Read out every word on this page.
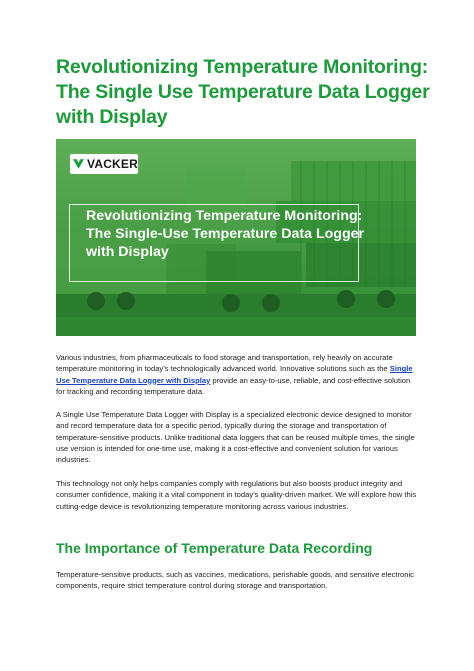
Revolutionizing Temperature Monitoring: The Single Use Temperature Data Logger with Display
VACKER
Revolutionizing Temperature Monitoring: The Single-Use Temperature Data Logger with Display

Various industries, from pharmaceuticals to food storage and transportation, rely heavily on accurate temperature monitoring in today’s technologically advanced world. Innovative solutions such as the Single Use Temperature Data Logger with Display provide an easy-to-use, reliable, and cost-effective solution for tracking and recording temperature data.

A Single Use Temperature Data Logger with Display is a specialized electronic device designed to monitor and record temperature data for a specific period, typically during the storage and transportation of temperature-sensitive products. Unlike traditional data loggers that can be reused multiple times, the single use version is intended for one-time use, making it a cost-effective and convenient solution for various industries.

This technology not only helps companies comply with regulations but also boosts product integrity and consumer confidence, making it a vital component in today’s quality-driven market. We will explore how this cutting-edge device is revolutionizing temperature monitoring across various industries.

The Importance of Temperature Data Recording

Temperature-sensitive products, such as vaccines, medications, perishable goods, and sensitive electronic components, require strict temperature control during storage and transportation.
